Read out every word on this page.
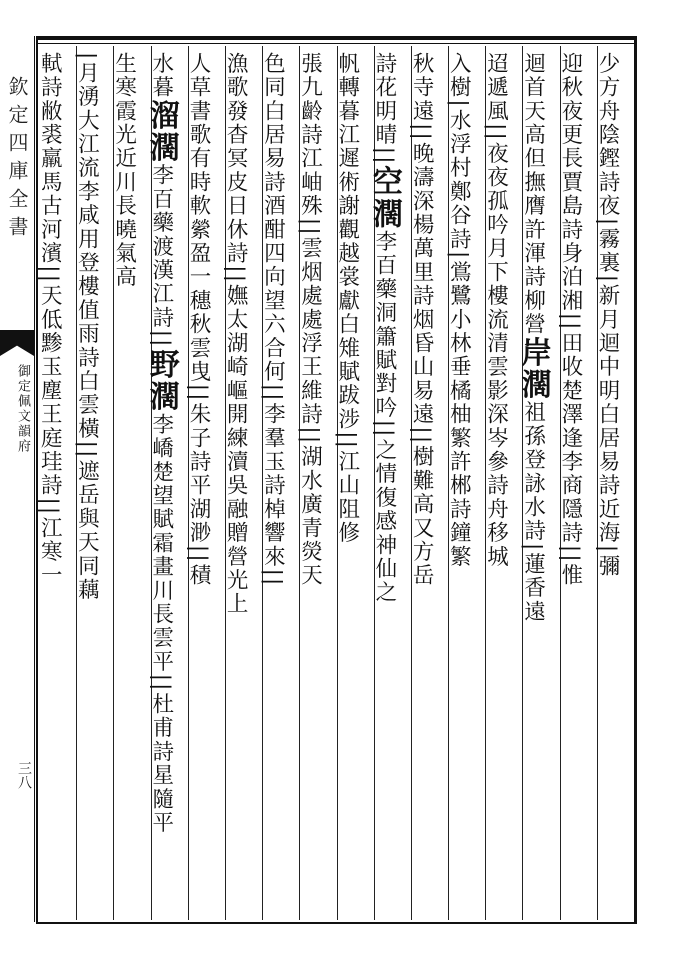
欽定四庫全書
御定佩文韻府
三八
少方舟陰鏗詩夜|霧裏|新月迴中明白居易詩近海|彌
迎秋夜更長賈島詩身泊湘||田收楚澤逢李商隱詩||惟
迴首天高但撫膺許渾詩柳營岸濶祖孫登詠水詩|蓮香遠
迢遞風||夜夜孤吟月下樓流清雲影深岑參詩舟移城
入樹|水浮村鄭谷詩|鴬鷺小林垂橘柚繁許郴詩鐘繁
秋寺遠||晚濤深楊萬里詩烟昏山易遠||樹難高又方岳
詩花明晴||空濶李百藥洞簫賦對吟||之情復感神仙之
帆轉暮江遲術謝觀越裳獻白雉賦跋涉||江山阻修
張九齡詩江岫殊||雲烟處處浮王維詩||湖水廣青熒天
色同白居易詩酒酣四向望六合何||李羣玉詩棹響來||
漁歌發杳冥皮日休詩||嫵太湖崎嶇開練瀆吳融贈營光上
人草書歌有時軟縈盈一穗秋雲曳||朱子詩平湖渺||積
水暮溜濶李百藥渡漢江詩||野濶李嶠楚望賦霜畫川長雲平||杜甫詩星隨平
生寒霞光近川長曉氣高
|月湧大江流李咸用登樓值雨詩白雲橫||遮岳與天同藕
軾詩敝裘羸馬古河濱||天低黪玉塵王庭珪詩||江寒一
